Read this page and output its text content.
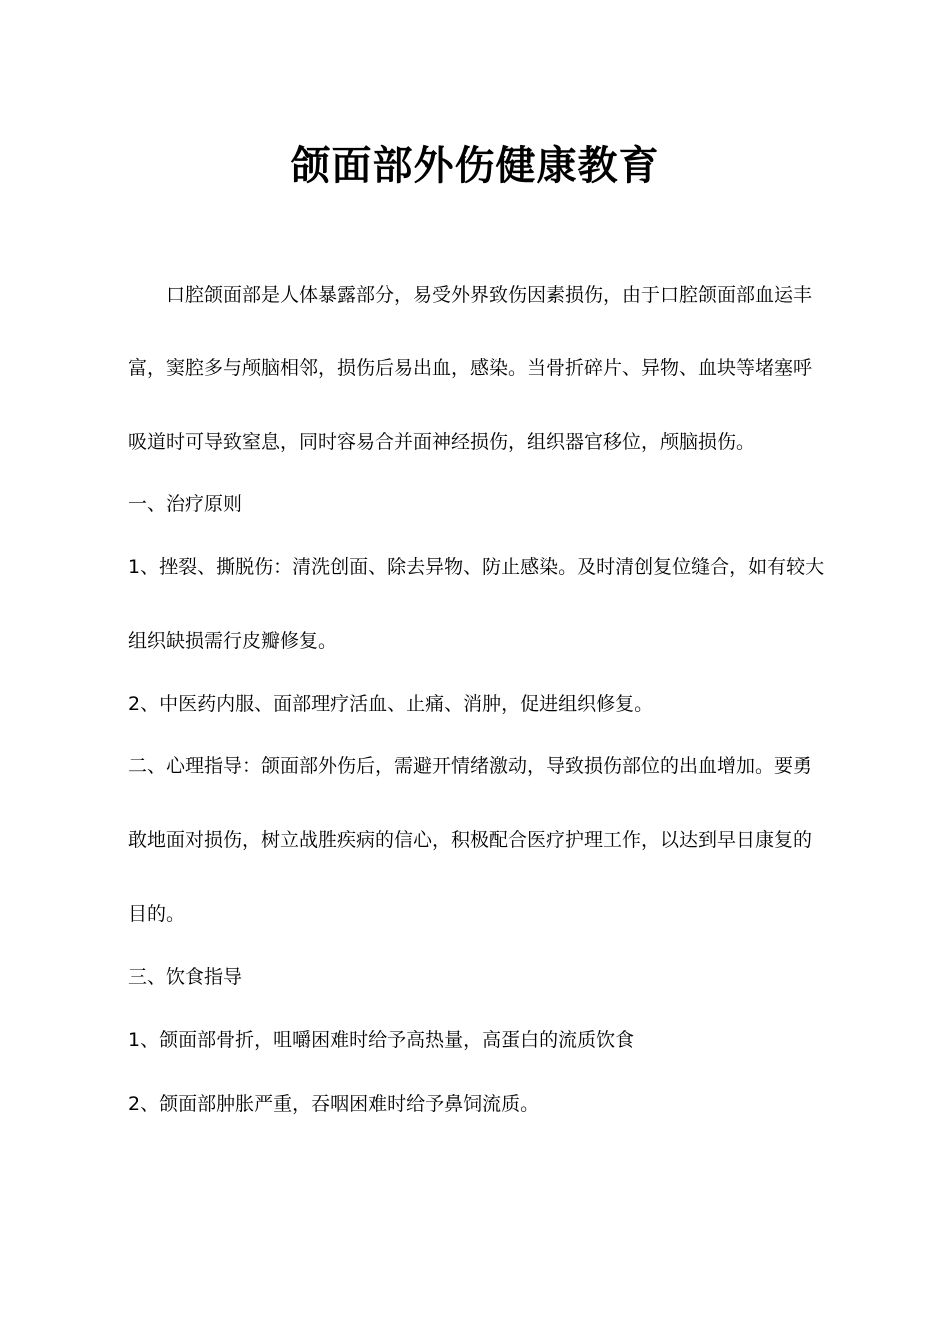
颌面部外伤健康教育
口腔颌面部是人体暴露部分，易受外界致伤因素损伤，由于口腔颌面部血运丰
富，窦腔多与颅脑相邻，损伤后易出血，感染。当骨折碎片、异物、血块等堵塞呼
吸道时可导致窒息，同时容易合并面神经损伤，组织器官移位，颅脑损伤。
一、治疗原则
1、挫裂、撕脱伤：清洗创面、除去异物、防止感染。及时清创复位缝合，如有较大
组织缺损需行皮瓣修复。
2、中医药内服、面部理疗活血、止痛、消肿，促进组织修复。
二、心理指导：颌面部外伤后，需避开情绪激动，导致损伤部位的出血增加。要勇
敢地面对损伤，树立战胜疾病的信心，积极配合医疗护理工作，以达到早日康复的
目的。
三、饮食指导
1、颌面部骨折，咀嚼困难时给予高热量，高蛋白的流质饮食
2、颌面部肿胀严重，吞咽困难时给予鼻饲流质。
